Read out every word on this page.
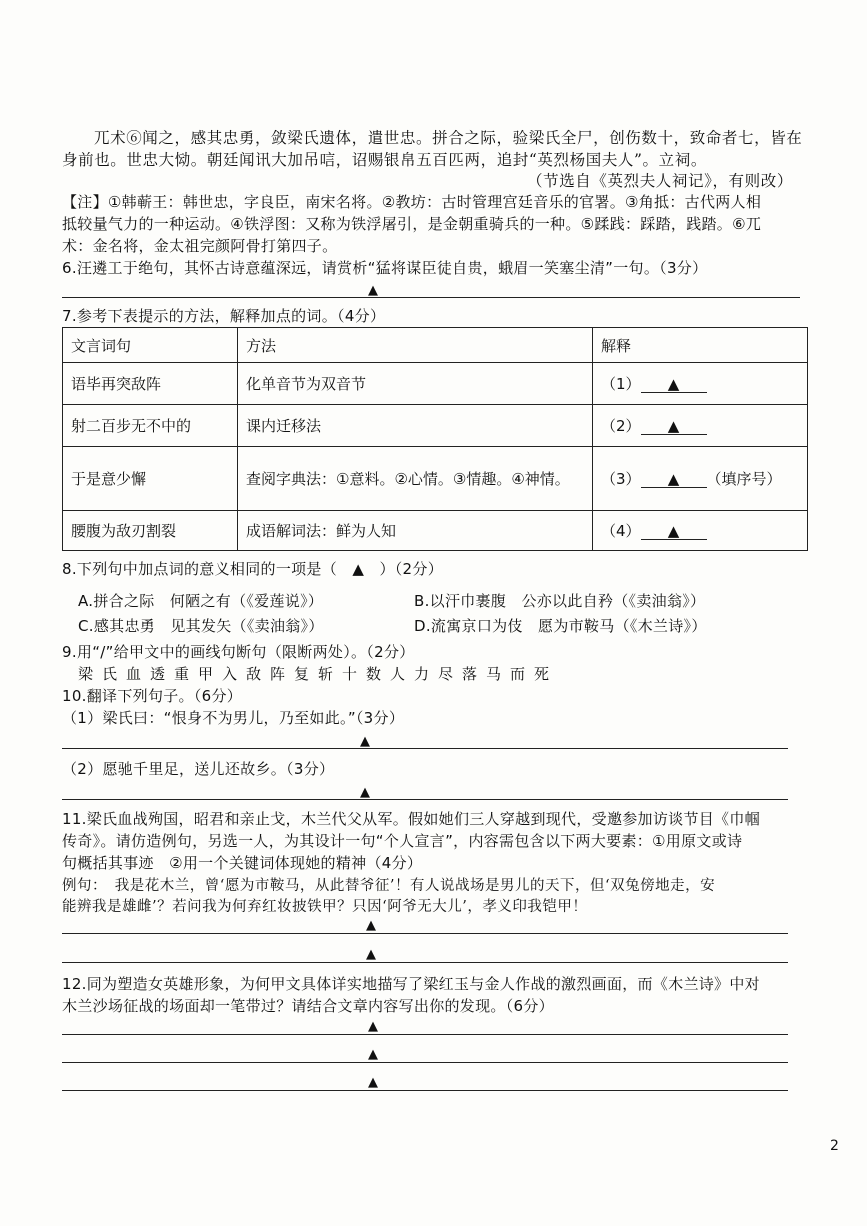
兀术⑥闻之，感其忠勇，敛梁氏遗体，遣世忠。拼合之际，验梁氏全尸，创伤数十，致命者七，皆在
身前也。世忠大恸。朝廷闻讯大加吊唁，诏赐银帛五百匹两，追封“英烈杨国夫人”。立祠。
（节选自《英烈夫人祠记》，有则改）
【注】①韩蕲王：韩世忠，字良臣，南宋名将。②教坊：古时管理宫廷音乐的官署。③角抵：古代两人相
抵较量气力的一种运动。④铁浮图：又称为铁浮屠引，是金朝重骑兵的一种。⑤蹂践：踩踏，践踏。⑥兀
术：金名将，金太祖完颜阿骨打第四子。
6.汪遴工于绝句，其怀古诗意蕴深远，请赏析“猛将谋臣徒自贵，蛾眉一笑塞尘清”一句。（3分）
▲
7.参考下表提示的方法，解释加点的词。（4分）
文言词句	方法	解释
语毕再突敌阵	化单音节为双音节	（1） ▲
射二百步无不中的	课内迁移法	（2） ▲
于是意少懈	查阅字典法：①意料。②心情。③情趣。④神情。	（3） ▲ （填序号）
腰腹为敌刃割裂	成语解词法：鲜为人知	（4） ▲
8.下列句中加点词的意义相同的一项是（　▲　）（2分）
A.拼合之际　何陋之有（《爱莲说》）	B.以汗巾裹腹　公亦以此自矜（《卖油翁》）
C.感其忠勇　见其发矢（《卖油翁》）	D.流寓京口为伎　愿为市鞍马（《木兰诗》）
9.用“/”给甲文中的画线句断句（限断两处）。（2分）
梁氏血透重甲入敌阵复斩十数人力尽落马而死
10.翻译下列句子。（6分）
（1）梁氏曰：“恨身不为男儿，乃至如此。”（3分）
▲
（2）愿驰千里足，送儿还故乡。（3分）
▲
11.梁氏血战殉国，昭君和亲止戈，木兰代父从军。假如她们三人穿越到现代，受邀参加访谈节目《巾帼
传奇》。请仿造例句，另选一人，为其设计一句“个人宣言”，内容需包含以下两大要素：①用原文或诗
句概括其事迹　②用一个关键词体现她的精神（4分）
例句：　我是花木兰，曾‘愿为市鞍马，从此替爷征’！有人说战场是男儿的天下，但‘双兔傍地走，安
能辨我是雄雌’？若问我为何弃红妆披铁甲？只因‘阿爷无大儿’，孝义印我铠甲！
▲
▲
12.同为塑造女英雄形象，为何甲文具体详实地描写了梁红玉与金人作战的激烈画面，而《木兰诗》中对
木兰沙场征战的场面却一笔带过？请结合文章内容写出你的发现。（6分）
▲
▲
▲
2
